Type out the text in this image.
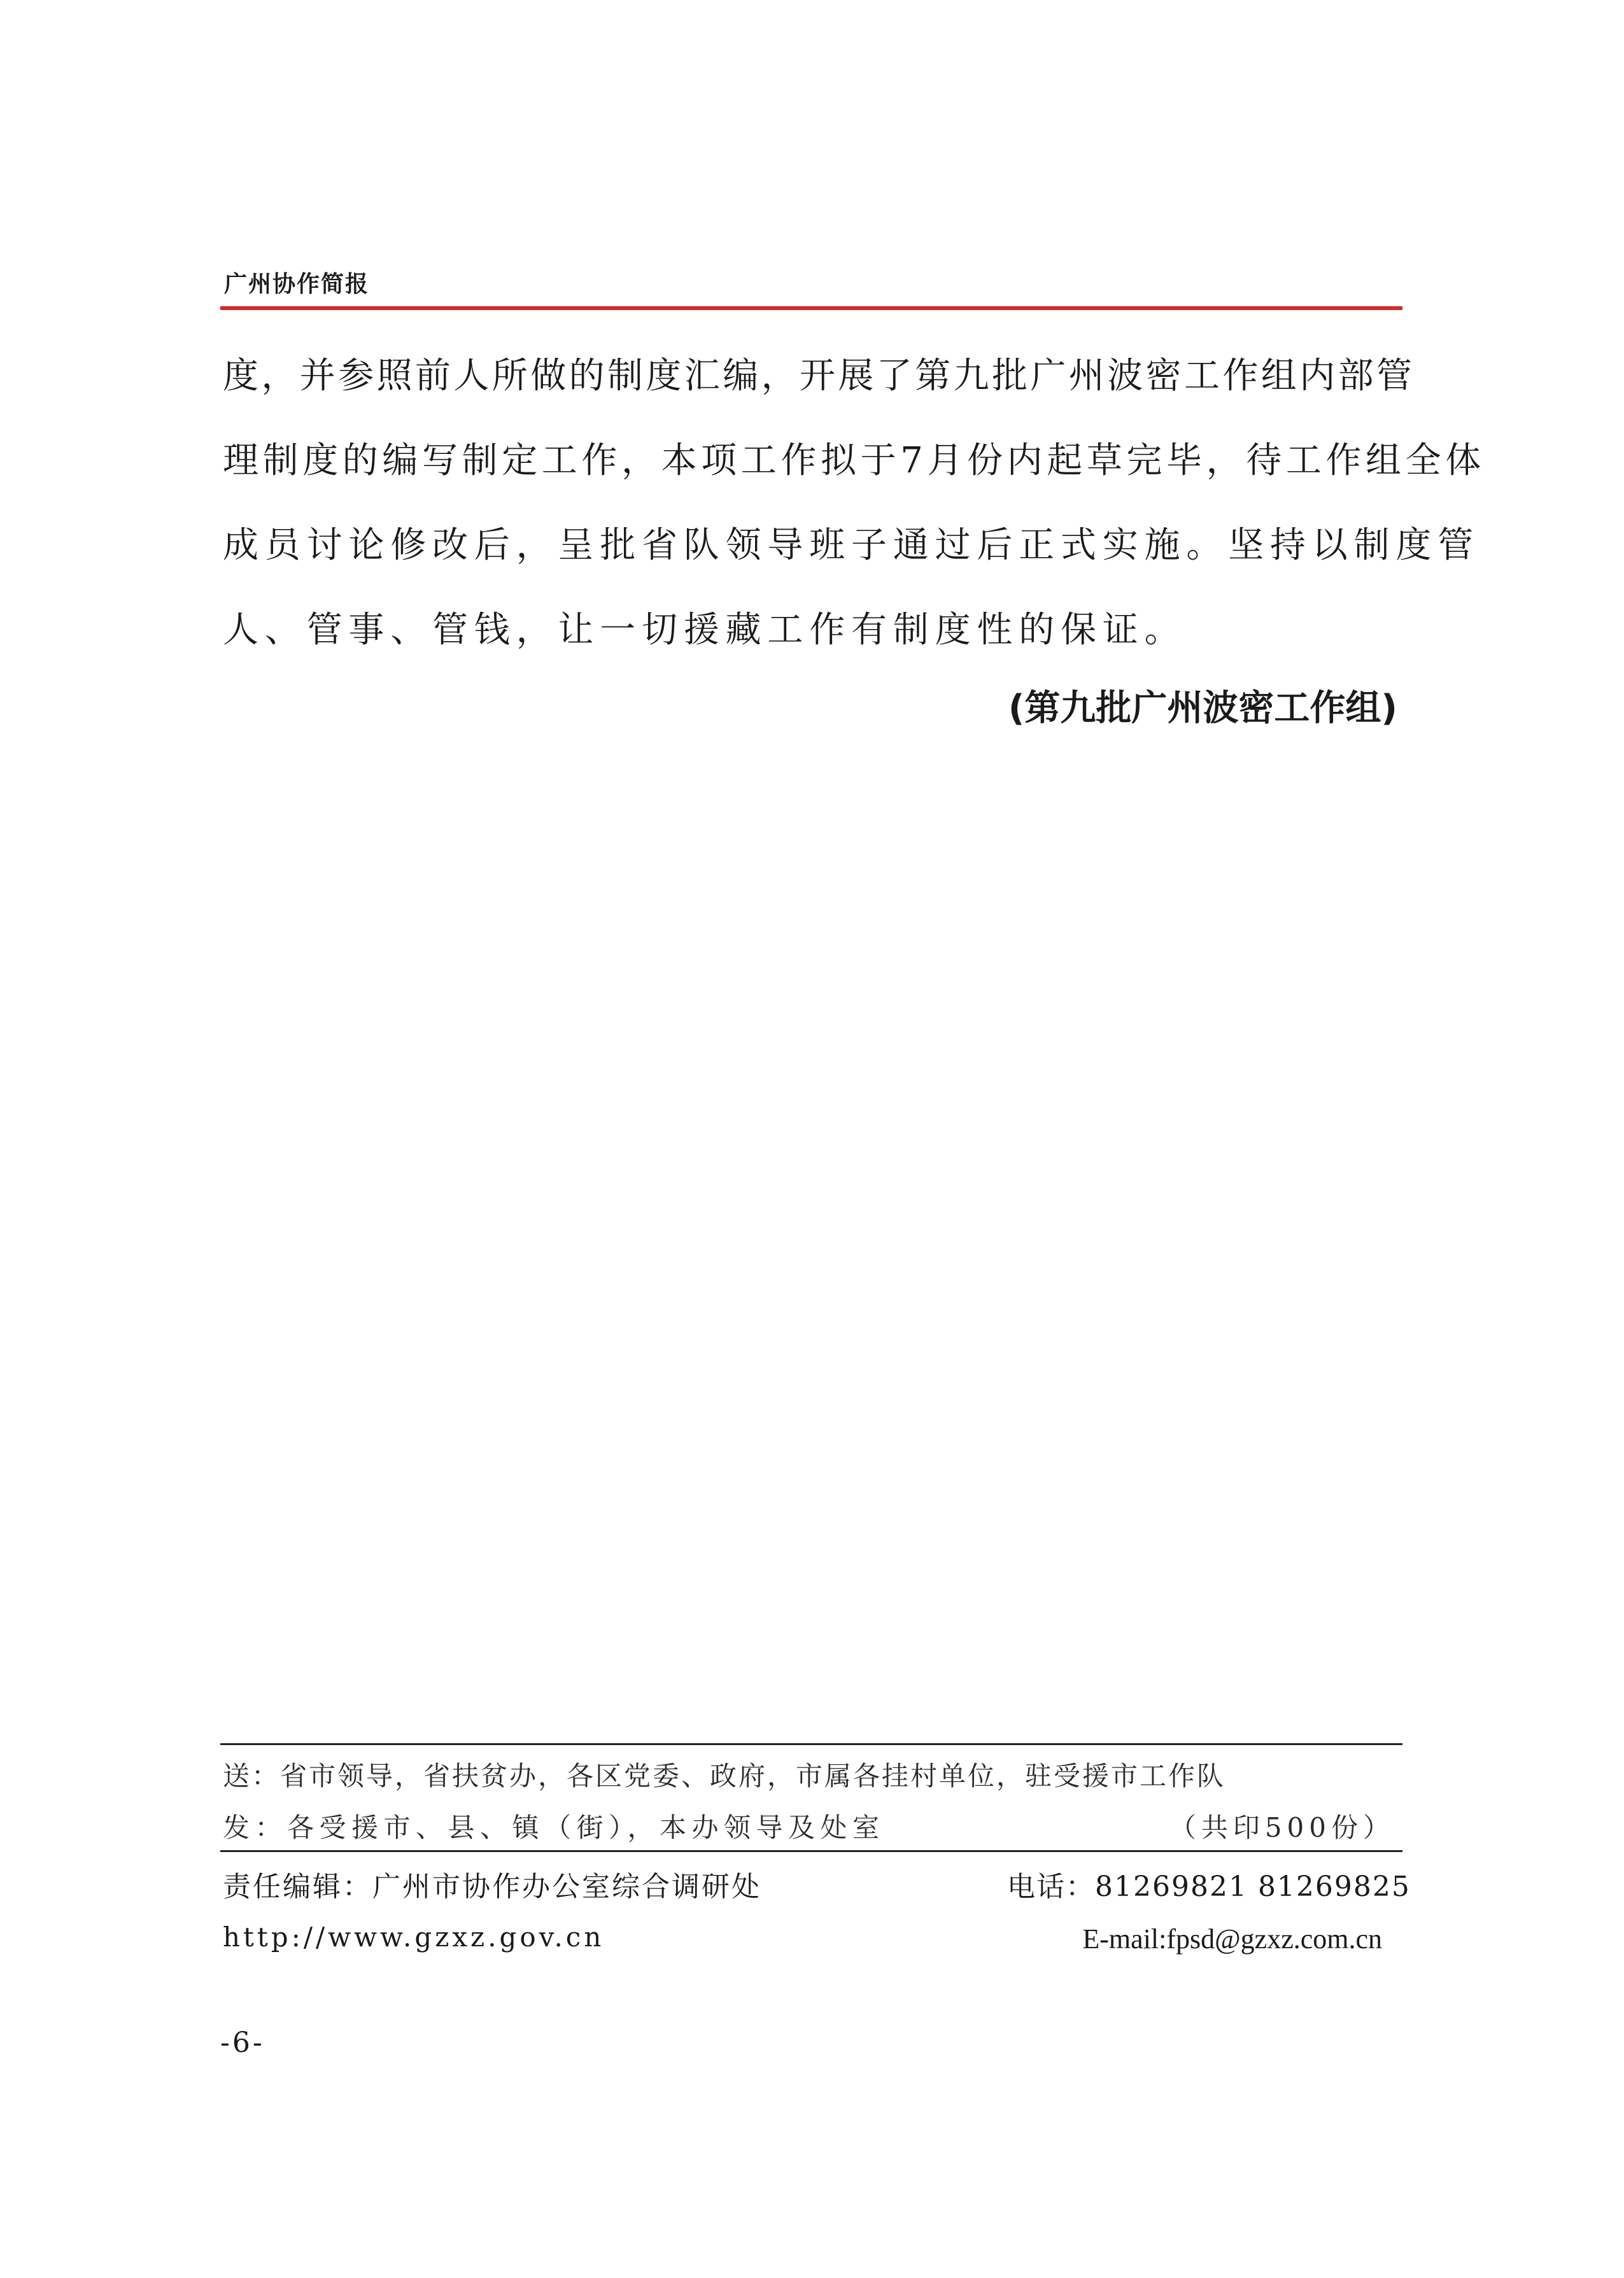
广州协作简报
度，并参照前人所做的制度汇编，开展了第九批广州波密工作组内部管
理制度的编写制定工作，本项工作拟于7月份内起草完毕，待工作组全体
成员讨论修改后，呈批省队领导班子通过后正式实施。坚持以制度管
人、管事、管钱，让一切援藏工作有制度性的保证。
(第九批广州波密工作组)
送：省市领导，省扶贫办，各区党委、政府，市属各挂村单位，驻受援市工作队
发：各受援市、县、镇（街），本办领导及处室	（共印500份）
责任编辑：广州市协作办公室综合调研处	电话：81269821 81269825
http://www.gzxz.gov.cn	E-mail:fpsd@gzxz.com.cn
-6-
